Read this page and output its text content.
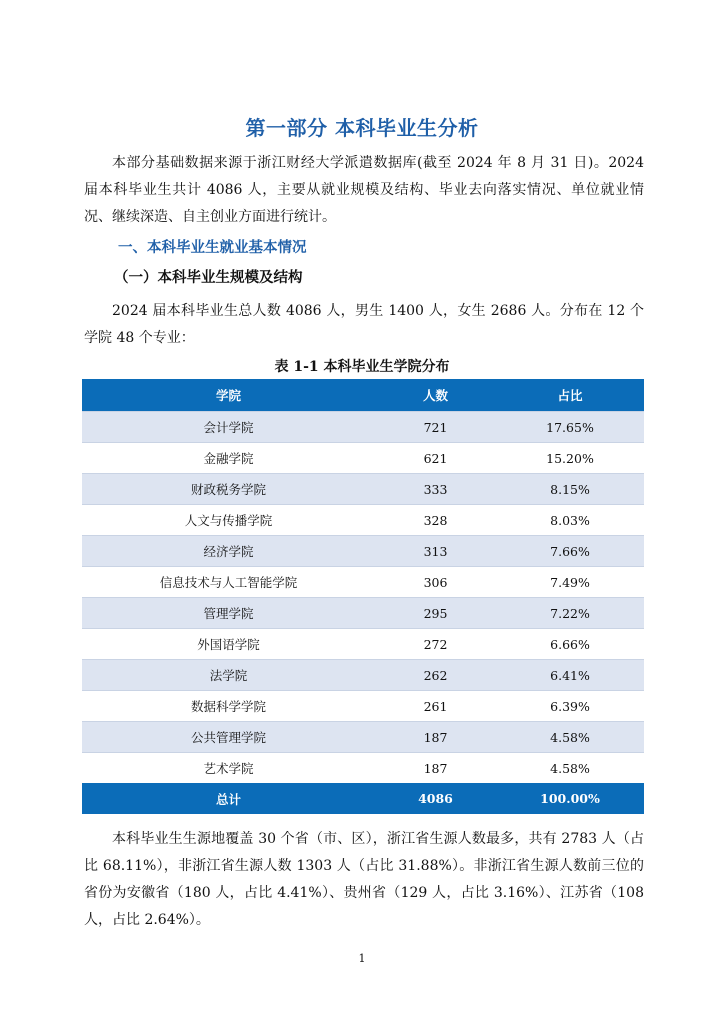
第一部分 本科毕业生分析

本部分基础数据来源于浙江财经大学派遣数据库(截至 2024 年 8 月 31 日)。2024 届本科毕业生共计 4086 人，主要从就业规模及结构、毕业去向落实情况、单位就业情况、继续深造、自主创业方面进行统计。

一、本科毕业生就业基本情况
（一）本科毕业生规模及结构

2024 届本科毕业生总人数 4086 人，男生 1400 人，女生 2686 人。分布在 12 个学院 48 个专业：

表 1-1 本科毕业生学院分布
学院	人数	占比
会计学院	721	17.65%
金融学院	621	15.20%
财政税务学院	333	8.15%
人文与传播学院	328	8.03%
经济学院	313	7.66%
信息技术与人工智能学院	306	7.49%
管理学院	295	7.22%
外国语学院	272	6.66%
法学院	262	6.41%
数据科学学院	261	6.39%
公共管理学院	187	4.58%
艺术学院	187	4.58%
总计	4086	100.00%

本科毕业生生源地覆盖 30 个省（市、区），浙江省生源人数最多，共有 2783 人（占比 68.11%），非浙江省生源人数 1303 人（占比 31.88%）。非浙江省生源人数前三位的省份为安徽省（180 人，占比 4.41%）、贵州省（129 人，占比 3.16%）、江苏省（108 人，占比 2.64%）。

1
